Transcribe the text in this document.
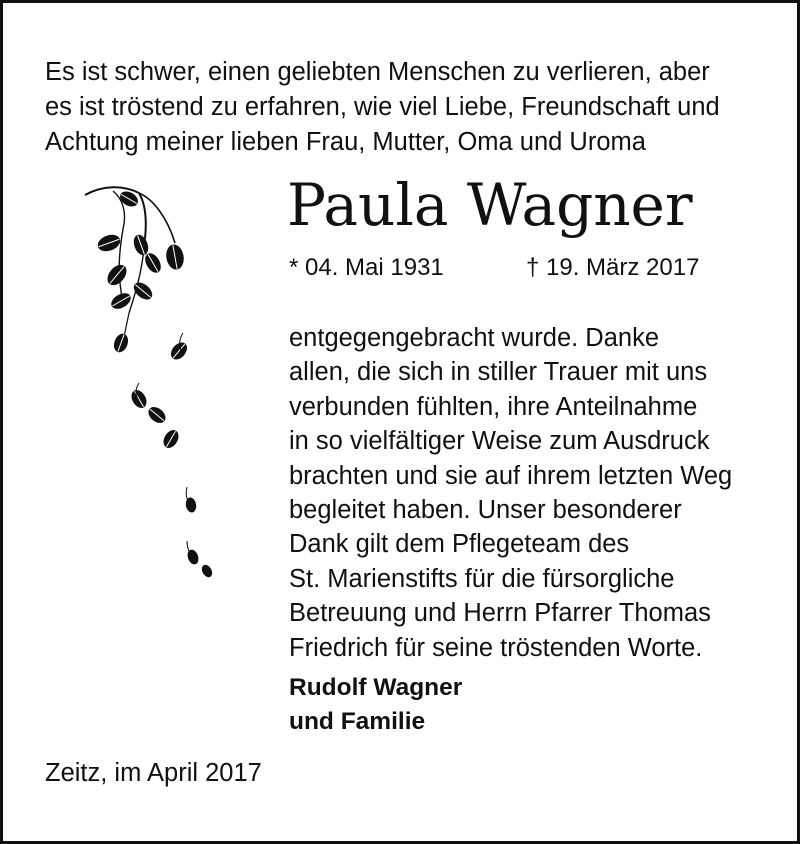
Es ist schwer, einen geliebten Menschen zu verlieren, aber
es ist tröstend zu erfahren, wie viel Liebe, Freundschaft und
Achtung meiner lieben Frau, Mutter, Oma und Uroma
Paula Wagner
* 04. Mai 1931	† 19. März 2017
entgegengebracht wurde. Danke
allen, die sich in stiller Trauer mit uns
verbunden fühlten, ihre Anteilnahme
in so vielfältiger Weise zum Ausdruck
brachten und sie auf ihrem letzten Weg
begleitet haben. Unser besonderer
Dank gilt dem Pflegeteam des
St. Marienstifts für die fürsorgliche
Betreuung und Herrn Pfarrer Thomas
Friedrich für seine tröstenden Worte.
Rudolf Wagner
und Familie
Zeitz, im April 2017
